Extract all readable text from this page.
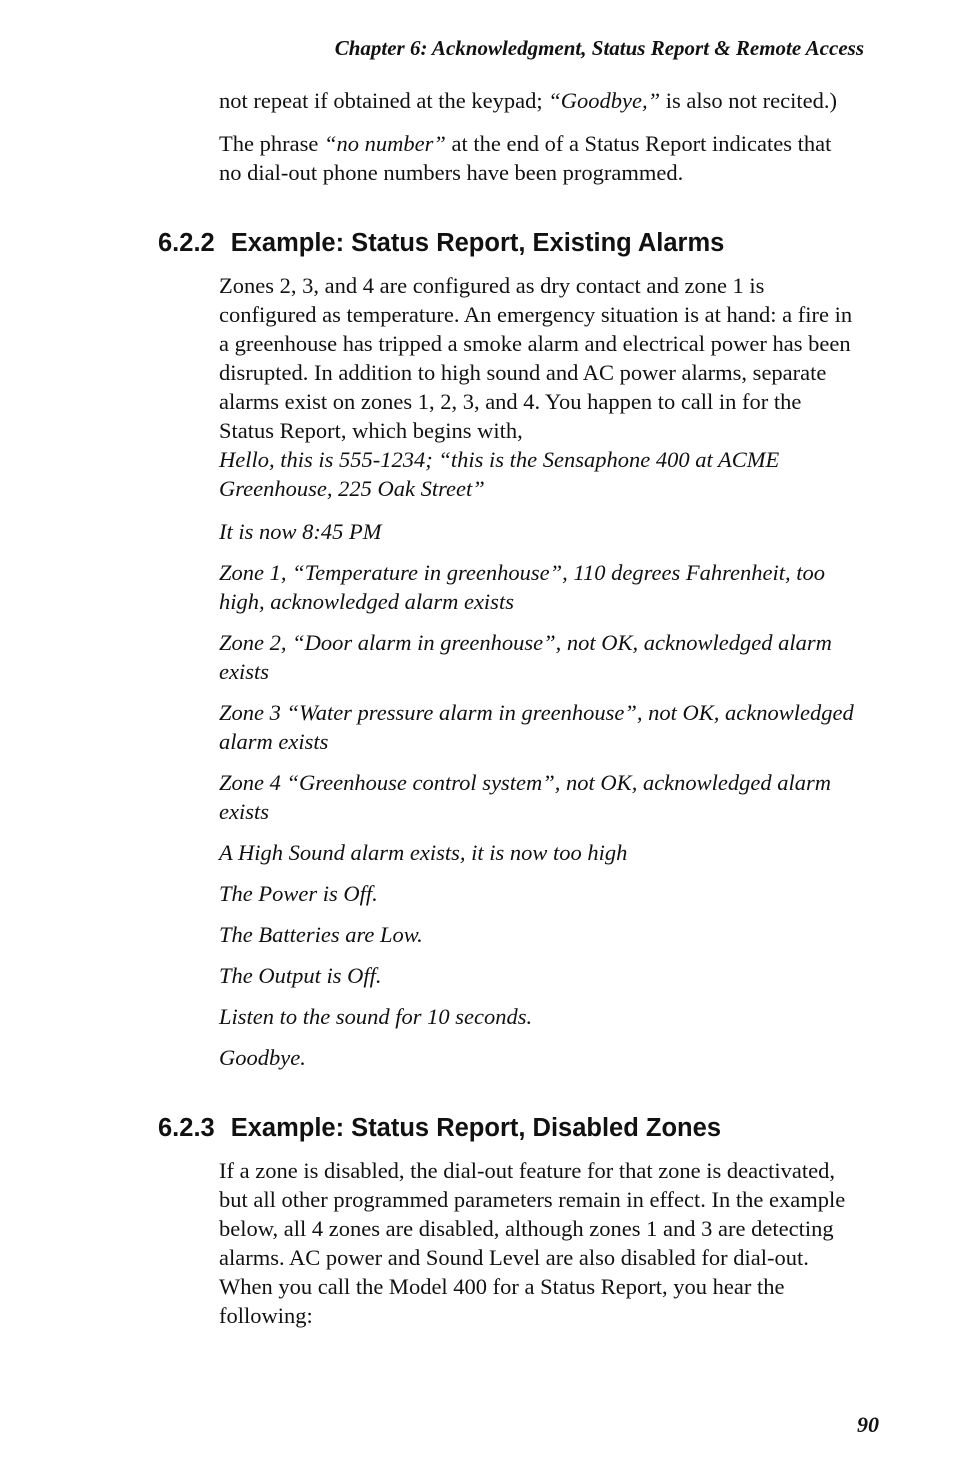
Chapter 6: Acknowledgment, Status Report & Remote Access

not repeat if obtained at the keypad; “Goodbye,” is also not recited.)

The phrase “no number” at the end of a Status Report indicates that no dial-out phone numbers have been programmed.

6.2.2 Example: Status Report, Existing Alarms

Zones 2, 3, and 4 are configured as dry contact and zone 1 is configured as temperature. An emergency situation is at hand: a fire in a greenhouse has tripped a smoke alarm and electrical power has been disrupted. In addition to high sound and AC power alarms, separate alarms exist on zones 1, 2, 3, and 4. You happen to call in for the Status Report, which begins with,
Hello, this is 555-1234; “this is the Sensaphone 400 at ACME Greenhouse, 225 Oak Street”

It is now 8:45 PM

Zone 1, “Temperature in greenhouse”, 110 degrees Fahrenheit, too high, acknowledged alarm exists

Zone 2, “Door alarm in greenhouse”, not OK, acknowledged alarm exists

Zone 3 “Water pressure alarm in greenhouse”, not OK, acknowledged alarm exists

Zone 4 “Greenhouse control system”, not OK, acknowledged alarm exists

A High Sound alarm exists, it is now too high

The Power is Off.

The Batteries are Low.

The Output is Off.

Listen to the sound for 10 seconds.

Goodbye.

6.2.3 Example: Status Report, Disabled Zones

If a zone is disabled, the dial-out feature for that zone is deactivated, but all other programmed parameters remain in effect. In the example below, all 4 zones are disabled, although zones 1 and 3 are detecting alarms. AC power and Sound Level are also disabled for dial-out. When you call the Model 400 for a Status Report, you hear the following:

90
